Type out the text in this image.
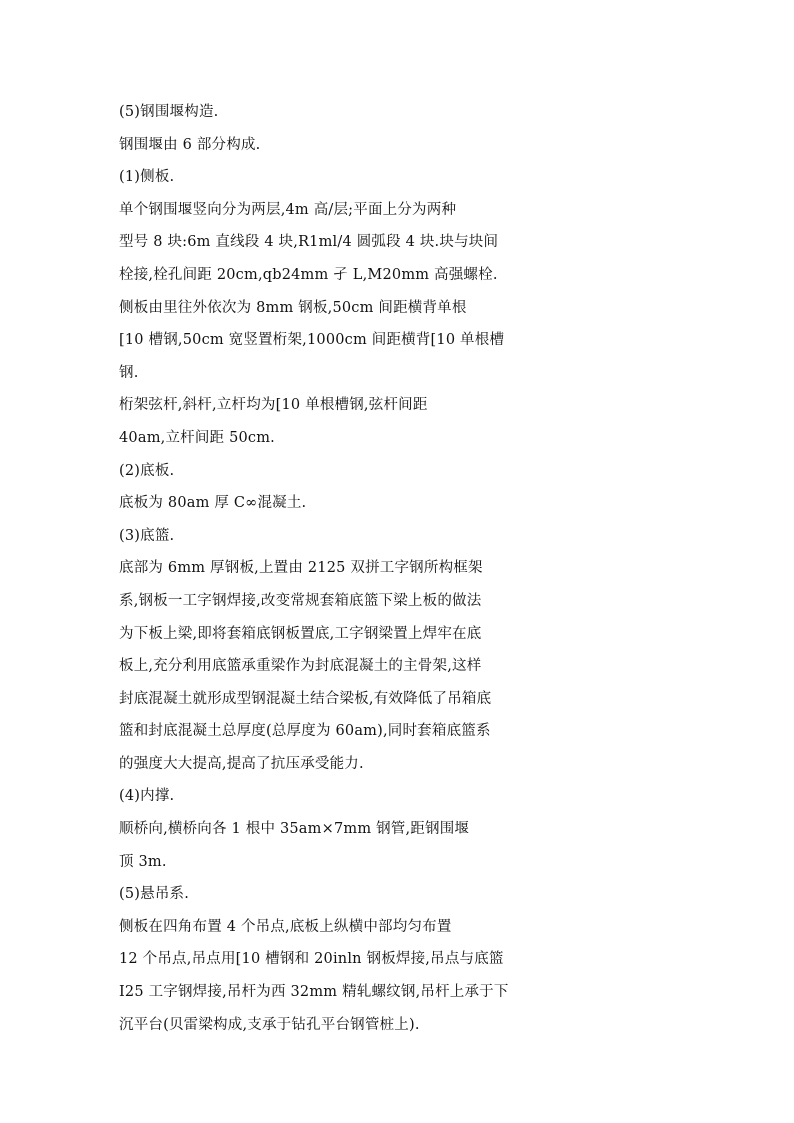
(5)钢围堰构造.
钢围堰由 6 部分构成.
(1)侧板.
单个钢围堰竖向分为两层,4m 高/层;平面上分为两种
型号 8 块:6m 直线段 4 块,R1ml/4 圆弧段 4 块.块与块间
栓接,栓孔间距 20cm,qb24mm 孑 L,M20mm 高强螺栓.
侧板由里往外依次为 8mm 钢板,50cm 间距横背单根
[10 槽钢,50cm 宽竖置桁架,1000cm 间距横背[10 单根槽
钢.
桁架弦杆,斜杆,立杆均为[10 单根槽钢,弦杆间距
40am,立杆间距 50cm.
(2)底板.
底板为 80am 厚 C∞混凝土.
(3)底篮.
底部为 6mm 厚钢板,上置由 2125 双拼工字钢所构框架
系,钢板一工字钢焊接,改变常规套箱底篮下梁上板的做法
为下板上梁,即将套箱底钢板置底,工字钢梁置上焊牢在底
板上,充分利用底篮承重梁作为封底混凝土的主骨架,这样
封底混凝土就形成型钢混凝土结合梁板,有效降低了吊箱底
篮和封底混凝土总厚度(总厚度为 60am),同时套箱底篮系
的强度大大提高,提高了抗压承受能力.
(4)内撑.
顺桥向,横桥向各 1 根中 35am×7mm 钢管,距钢围堰
顶 3m.
(5)悬吊系.
侧板在四角布置 4 个吊点,底板上纵横中部均匀布置
12 个吊点,吊点用[10 槽钢和 20inln 钢板焊接,吊点与底篮
I25 工字钢焊接,吊杆为西 32mm 精轧螺纹钢,吊杆上承于下
沉平台(贝雷梁构成,支承于钻孔平台钢管桩上).
